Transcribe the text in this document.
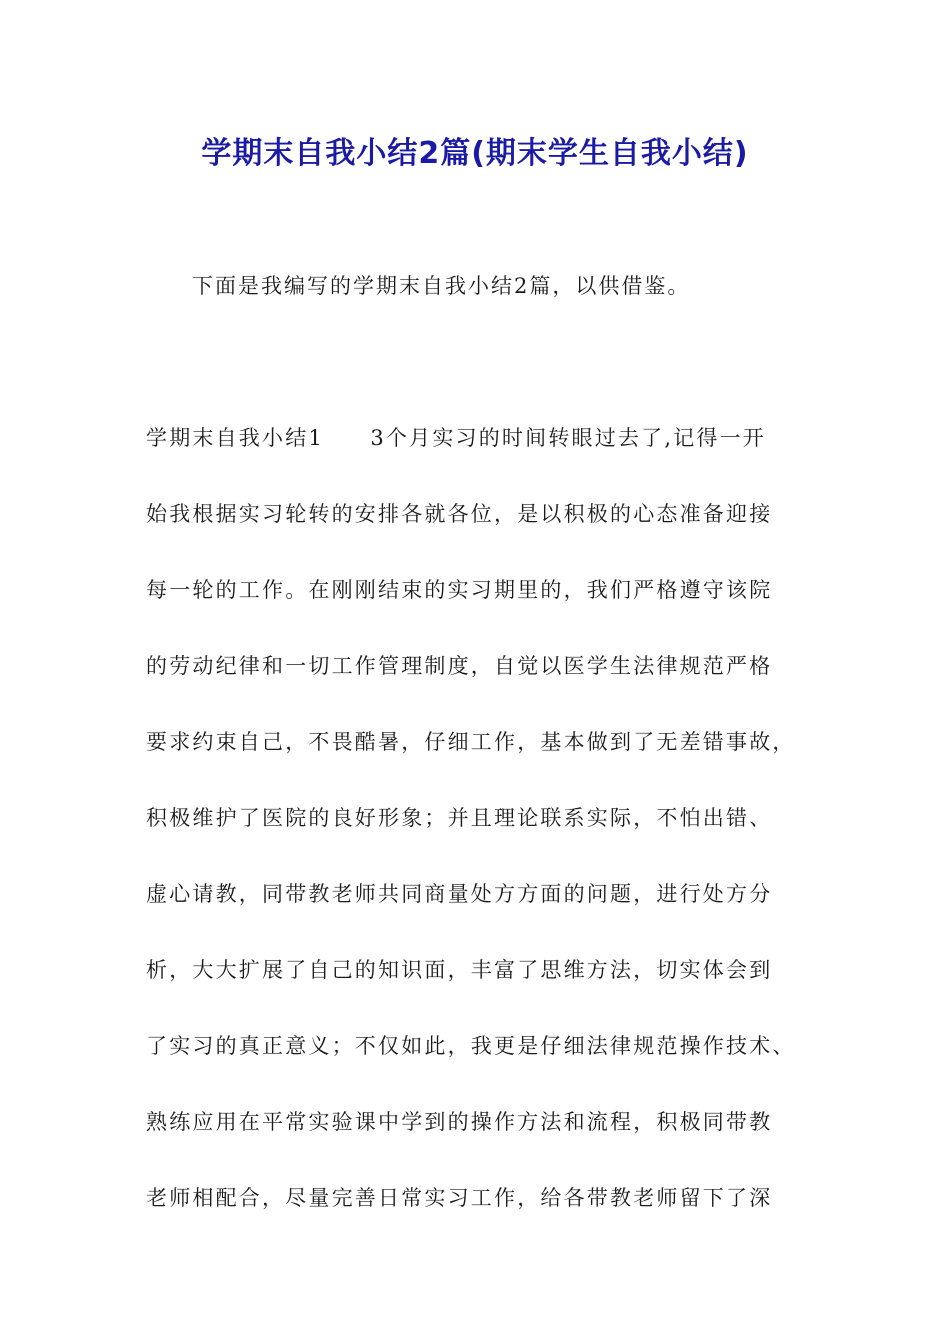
学期末自我小结2篇(期末学生自我小结)

下面是我编写的学期末自我小结2篇，以供借鉴。

学期末自我小结1　　3个月实习的时间转眼过去了,记得一开
始我根据实习轮转的安排各就各位，是以积极的心态准备迎接
每一轮的工作。在刚刚结束的实习期里的，我们严格遵守该院
的劳动纪律和一切工作管理制度，自觉以医学生法律规范严格
要求约束自己，不畏酷暑，仔细工作，基本做到了无差错事故，
积极维护了医院的良好形象；并且理论联系实际，不怕出错、
虚心请教，同带教老师共同商量处方方面的问题，进行处方分
析，大大扩展了自己的知识面，丰富了思维方法，切实体会到
了实习的真正意义；不仅如此，我更是仔细法律规范操作技术、
熟练应用在平常实验课中学到的操作方法和流程，积极同带教
老师相配合，尽量完善日常实习工作，给各带教老师留下了深
